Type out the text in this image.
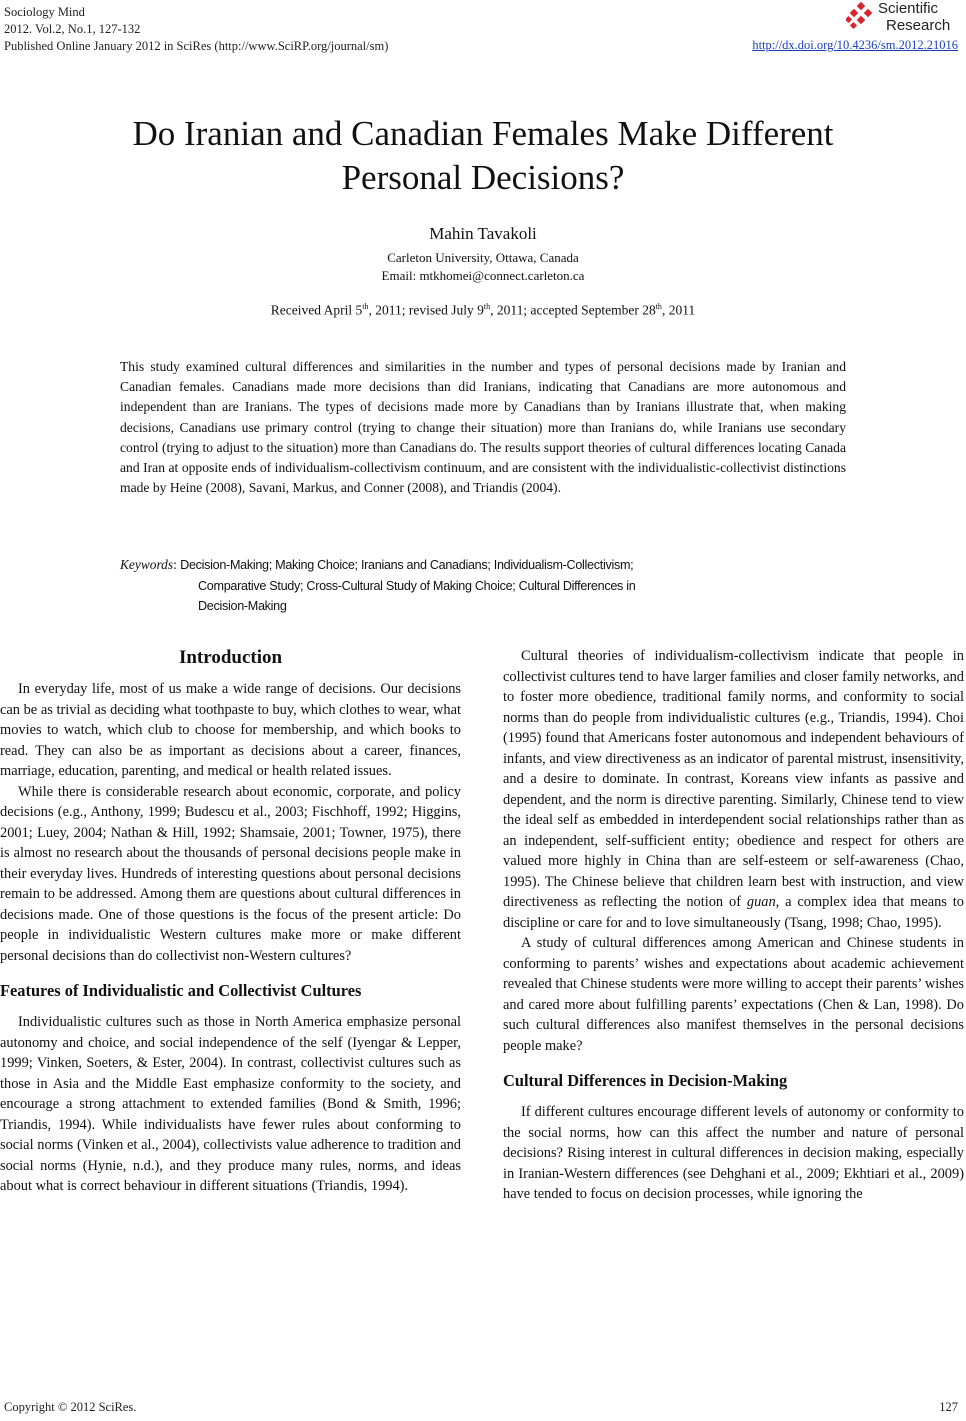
Sociology Mind
2012. Vol.2, No.1, 127-132
Published Online January 2012 in SciRes (http://www.SciRP.org/journal/sm)
Scientific
Research
http://dx.doi.org/10.4236/sm.2012.21016
Do Iranian and Canadian Females Make Different
Personal Decisions?
Mahin Tavakoli
Carleton University, Ottawa, Canada
Email: mtkhomei@connect.carleton.ca
Received April 5th, 2011; revised July 9th, 2011; accepted September 28th, 2011
This study examined cultural differences and similarities in the number and types of personal decisions made by Iranian and Canadian females. Canadians made more decisions than did Iranians, indicating that Canadians are more autonomous and independent than are Iranians. The types of decisions made more by Canadians than by Iranians illustrate that, when making decisions, Canadians use primary control (trying to change their situation) more than Iranians do, while Iranians use secondary control (trying to adjust to the situation) more than Canadians do. The results support theories of cultural differences locating Canada and Iran at opposite ends of individualism-collectivism continuum, and are consistent with the individualistic-collectivist distinctions made by Heine (2008), Savani, Markus, and Conner (2008), and Triandis (2004).
Keywords: Decision-Making; Making Choice; Iranians and Canadians; Individualism-Collectivism;
Comparative Study; Cross-Cultural Study of Making Choice; Cultural Differences in
Decision-Making
Introduction

In everyday life, most of us make a wide range of decisions. Our decisions can be as trivial as deciding what toothpaste to buy, which clothes to wear, what movies to watch, which club to choose for membership, and which books to read. They can also be as important as decisions about a career, finances, marriage, education, parenting, and medical or health related issues.

While there is considerable research about economic, corporate, and policy decisions (e.g., Anthony, 1999; Budescu et al., 2003; Fischhoff, 1992; Higgins, 2001; Luey, 2004; Nathan & Hill, 1992; Shamsaie, 2001; Towner, 1975), there is almost no research about the thousands of personal decisions people make in their everyday lives. Hundreds of interesting questions about personal decisions remain to be addressed. Among them are questions about cultural differences in decisions made. One of those questions is the focus of the present article: Do people in individualistic Western cultures make more or make different personal decisions than do collectivist non-Western cultures?

Features of Individualistic and Collectivist Cultures

Individualistic cultures such as those in North America emphasize personal autonomy and choice, and social independence of the self (Iyengar & Lepper, 1999; Vinken, Soeters, & Ester, 2004). In contrast, collectivist cultures such as those in Asia and the Middle East emphasize conformity to the society, and encourage a strong attachment to extended families (Bond & Smith, 1996; Triandis, 1994). While individualists have fewer rules about conforming to social norms (Vinken et al., 2004), collectivists value adherence to tradition and social norms (Hynie, n.d.), and they produce many rules, norms, and ideas about what is correct behaviour in different situations (Triandis, 1994).

Cultural theories of individualism-collectivism indicate that people in collectivist cultures tend to have larger families and closer family networks, and to foster more obedience, traditional family norms, and conformity to social norms than do people from individualistic cultures (e.g., Triandis, 1994). Choi (1995) found that Americans foster autonomous and independent behaviours of infants, and view directiveness as an indicator of parental mistrust, insensitivity, and a desire to dominate. In contrast, Koreans view infants as passive and dependent, and the norm is directive parenting. Similarly, Chinese tend to view the ideal self as embedded in interdependent social relationships rather than as an independent, self-sufficient entity; obedience and respect for others are valued more highly in China than are self-esteem or self-awareness (Chao, 1995). The Chinese believe that children learn best with instruction, and view directiveness as reflecting the notion of guan, a complex idea that means to discipline or care for and to love simultaneously (Tsang, 1998; Chao, 1995).

A study of cultural differences among American and Chinese students in conforming to parents’ wishes and expectations about academic achievement revealed that Chinese students were more willing to accept their parents’ wishes and cared more about fulfilling parents’ expectations (Chen & Lan, 1998). Do such cultural differences also manifest themselves in the personal decisions people make?

Cultural Differences in Decision-Making

If different cultures encourage different levels of autonomy or conformity to the social norms, how can this affect the number and nature of personal decisions? Rising interest in cultural differences in decision making, especially in Iranian-Western differences (see Dehghani et al., 2009; Ekhtiari et al., 2009) have tended to focus on decision processes, while ignoring the

Copyright © 2012 SciRes.	127
